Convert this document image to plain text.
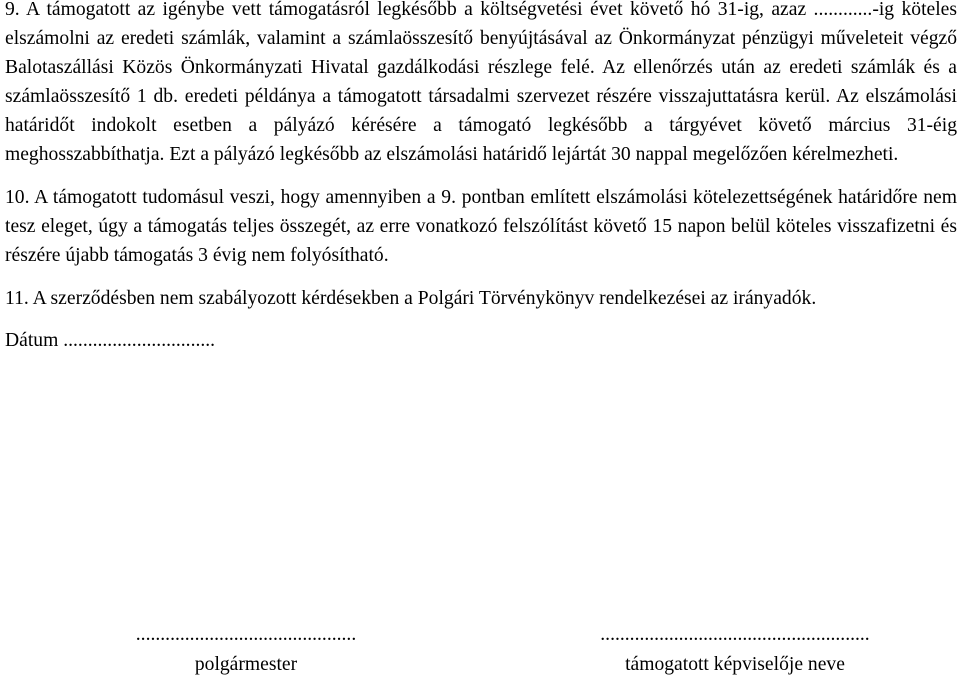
9. A támogatott az igénybe vett támogatásról legkésőbb a költségvetési évet követő hó 31-ig, azaz ............-ig köteles elszámolni az eredeti számlák, valamint a számlaösszesítő benyújtásával az Önkormányzat pénzügyi műveleteit végző Balotaszállási Közös Önkormányzati Hivatal gazdálkodási részlege felé. Az ellenőrzés után az eredeti számlák és a számlaösszesítő 1 db. eredeti példánya a támogatott társadalmi szervezet részére visszajuttatásra kerül. Az elszámolási határidőt indokolt esetben a pályázó kérésére a támogató legkésőbb a tárgyévet követő március 31-éig meghosszabbíthatja. Ezt a pályázó legkésőbb az elszámolási határidő lejártát 30 nappal megelőzően kérelmezheti.

10. A támogatott tudomásul veszi, hogy amennyiben a 9. pontban említett elszámolási kötelezettségének határidőre nem tesz eleget, úgy a támogatás teljes összegét, az erre vonatkozó felszólítást követő 15 napon belül köteles visszafizetni és részére újabb támogatás 3 évig nem folyósítható.

11. A szerződésben nem szabályozott kérdésekben a Polgári Törvénykönyv rendelkezései az irányadók.

Dátum ...............................
.............................................
polgármester
.......................................................
támogatott képviselője neve
